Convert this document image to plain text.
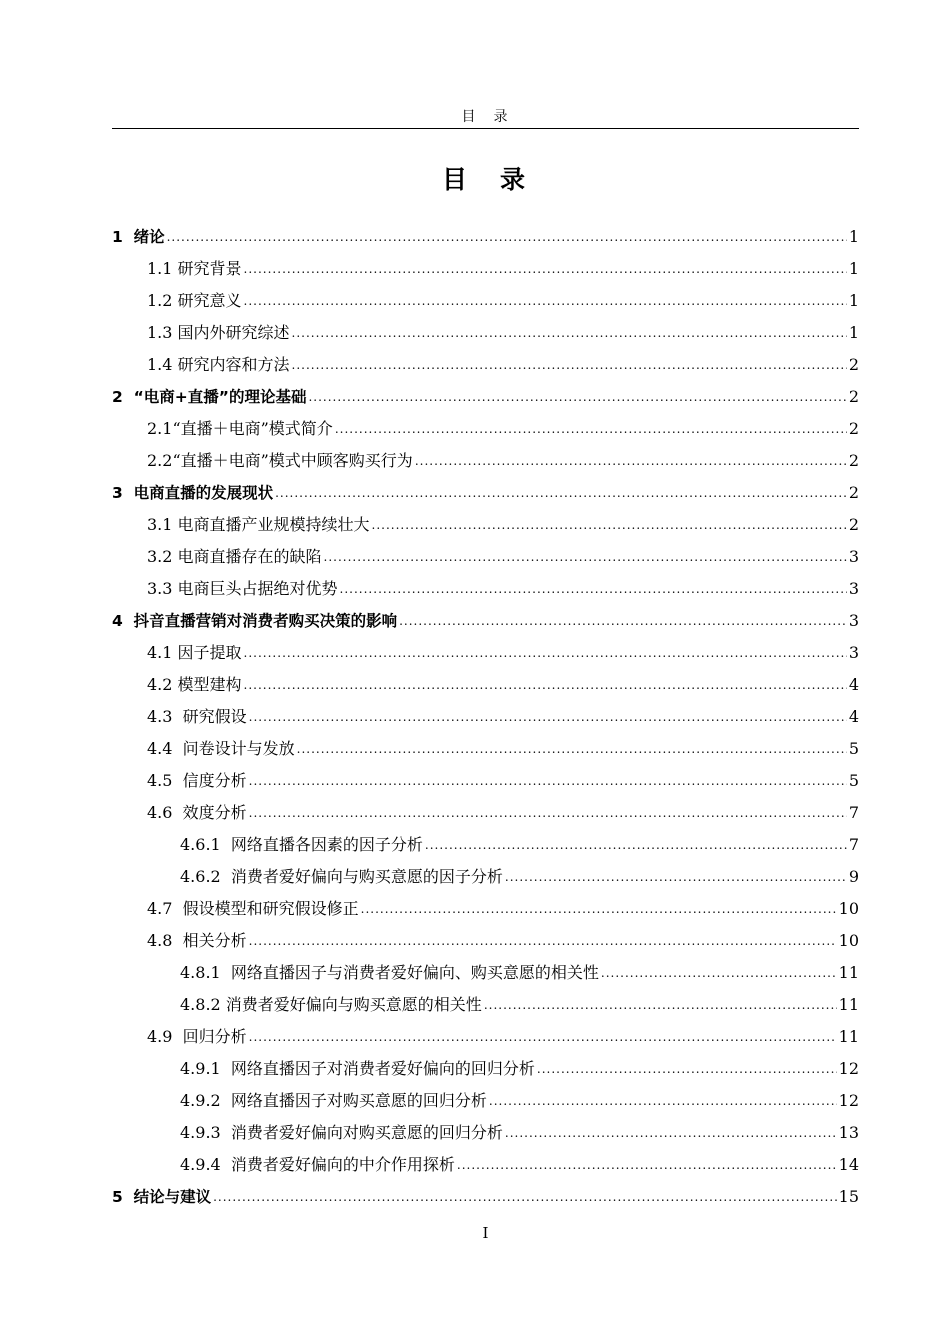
目　录
目　录
1  绪论 .....	1
1.1 研究背景 .....	1
1.2 研究意义 .....	1
1.3 国内外研究综述 .....	1
1.4 研究内容和方法 .....	2
2  “电商+直播”的理论基础 .....	2
2.1“直播＋电商”模式简介 .....	2
2.2“直播＋电商”模式中顾客购买行为 .....	2
3  电商直播的发展现状 .....	2
3.1 电商直播产业规模持续壮大 .....	2
3.2 电商直播存在的缺陷 .....	3
3.3 电商巨头占据绝对优势 .....	3
4  抖音直播营销对消费者购买决策的影响 .....	3
4.1 因子提取 .....	3
4.2 模型建构 .....	4
4.3  研究假设 .....	4
4.4  问卷设计与发放 .....	5
4.5  信度分析 .....	5
4.6  效度分析 .....	7
4.6.1  网络直播各因素的因子分析 .....	7
4.6.2  消费者爱好偏向与购买意愿的因子分析 .....	9
4.7  假设模型和研究假设修正 .....	10
4.8  相关分析 .....	10
4.8.1  网络直播因子与消费者爱好偏向、购买意愿的相关性 .....	11
4.8.2 消费者爱好偏向与购买意愿的相关性 .....	11
4.9  回归分析 .....	11
4.9.1  网络直播因子对消费者爱好偏向的回归分析 .....	12
4.9.2  网络直播因子对购买意愿的回归分析 .....	12
4.9.3  消费者爱好偏向对购买意愿的回归分析 .....	13
4.9.4  消费者爱好偏向的中介作用探析 .....	14
5  结论与建议 .....	15
I
